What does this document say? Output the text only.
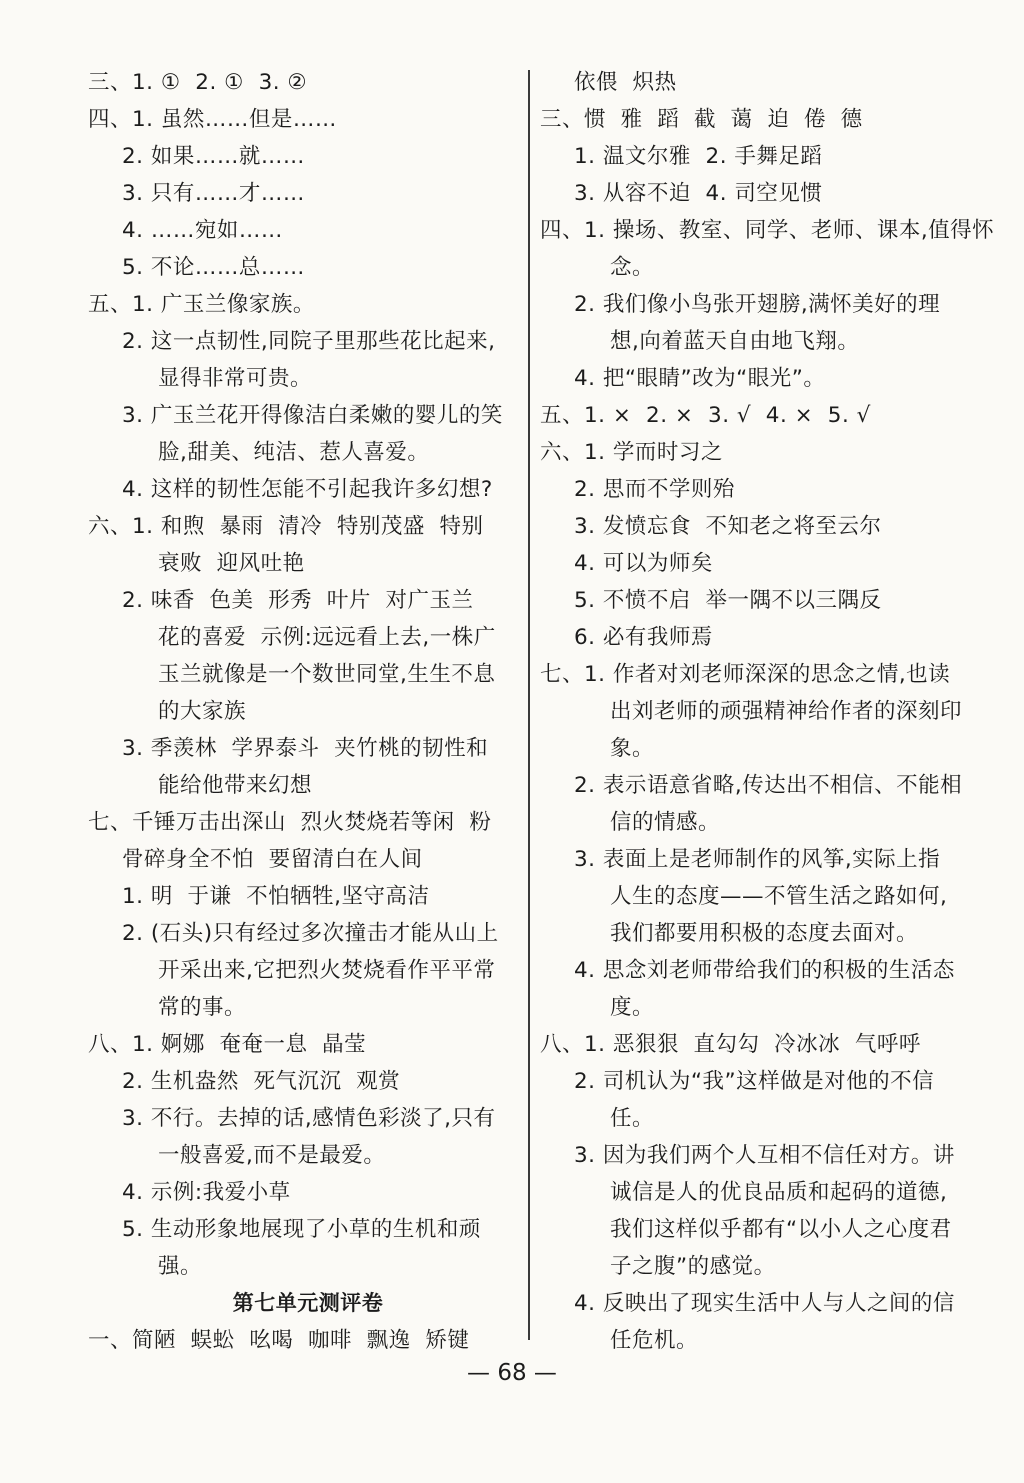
三、1. ①  2. ①  3. ②
四、1. 虽然……但是……
2. 如果……就……
3. 只有……才……
4. ……宛如……
5. 不论……总……
五、1. 广玉兰像家族。
2. 这一点韧性,同院子里那些花比起来,
显得非常可贵。
3. 广玉兰花开得像洁白柔嫩的婴儿的笑
脸,甜美、纯洁、惹人喜爱。
4. 这样的韧性怎能不引起我许多幻想?
六、1. 和煦  暴雨  清冷  特别茂盛  特别
衰败  迎风吐艳
2. 味香  色美  形秀  叶片  对广玉兰
花的喜爱  示例:远远看上去,一株广
玉兰就像是一个数世同堂,生生不息
的大家族
3. 季羡林  学界泰斗  夹竹桃的韧性和
能给他带来幻想
七、千锤万击出深山  烈火焚烧若等闲  粉
骨碎身全不怕  要留清白在人间
1. 明  于谦  不怕牺牲,坚守高洁
2. (石头)只有经过多次撞击才能从山上
开采出来,它把烈火焚烧看作平平常
常的事。
八、1. 婀娜  奄奄一息  晶莹
2. 生机盎然  死气沉沉  观赏
3. 不行。去掉的话,感情色彩淡了,只有
一般喜爱,而不是最爱。
4. 示例:我爱小草
5. 生动形象地展现了小草的生机和顽
强。
第七单元测评卷
一、简陋  蜈蚣  吆喝  咖啡  飘逸  矫键
依偎  炽热
三、惯  雅  蹈  截  蔼  迫  倦  德
1. 温文尔雅  2. 手舞足蹈
3. 从容不迫  4. 司空见惯
四、1. 操场、教室、同学、老师、课本,值得怀
念。
2. 我们像小鸟张开翅膀,满怀美好的理
想,向着蓝天自由地飞翔。
4. 把“眼睛”改为“眼光”。
五、1. ×  2. ×  3. √  4. ×  5. √
六、1. 学而时习之
2. 思而不学则殆
3. 发愤忘食  不知老之将至云尔
4. 可以为师矣
5. 不愤不启  举一隅不以三隅反
6. 必有我师焉
七、1. 作者对刘老师深深的思念之情,也读
出刘老师的顽强精神给作者的深刻印
象。
2. 表示语意省略,传达出不相信、不能相
信的情感。
3. 表面上是老师制作的风筝,实际上指
人生的态度——不管生活之路如何,
我们都要用积极的态度去面对。
4. 思念刘老师带给我们的积极的生活态
度。
八、1. 恶狠狠  直勾勾  冷冰冰  气呼呼
2. 司机认为“我”这样做是对他的不信
任。
3. 因为我们两个人互相不信任对方。讲
诚信是人的优良品质和起码的道德,
我们这样似乎都有“以小人之心度君
子之腹”的感觉。
4. 反映出了现实生活中人与人之间的信
任危机。
— 68 —
